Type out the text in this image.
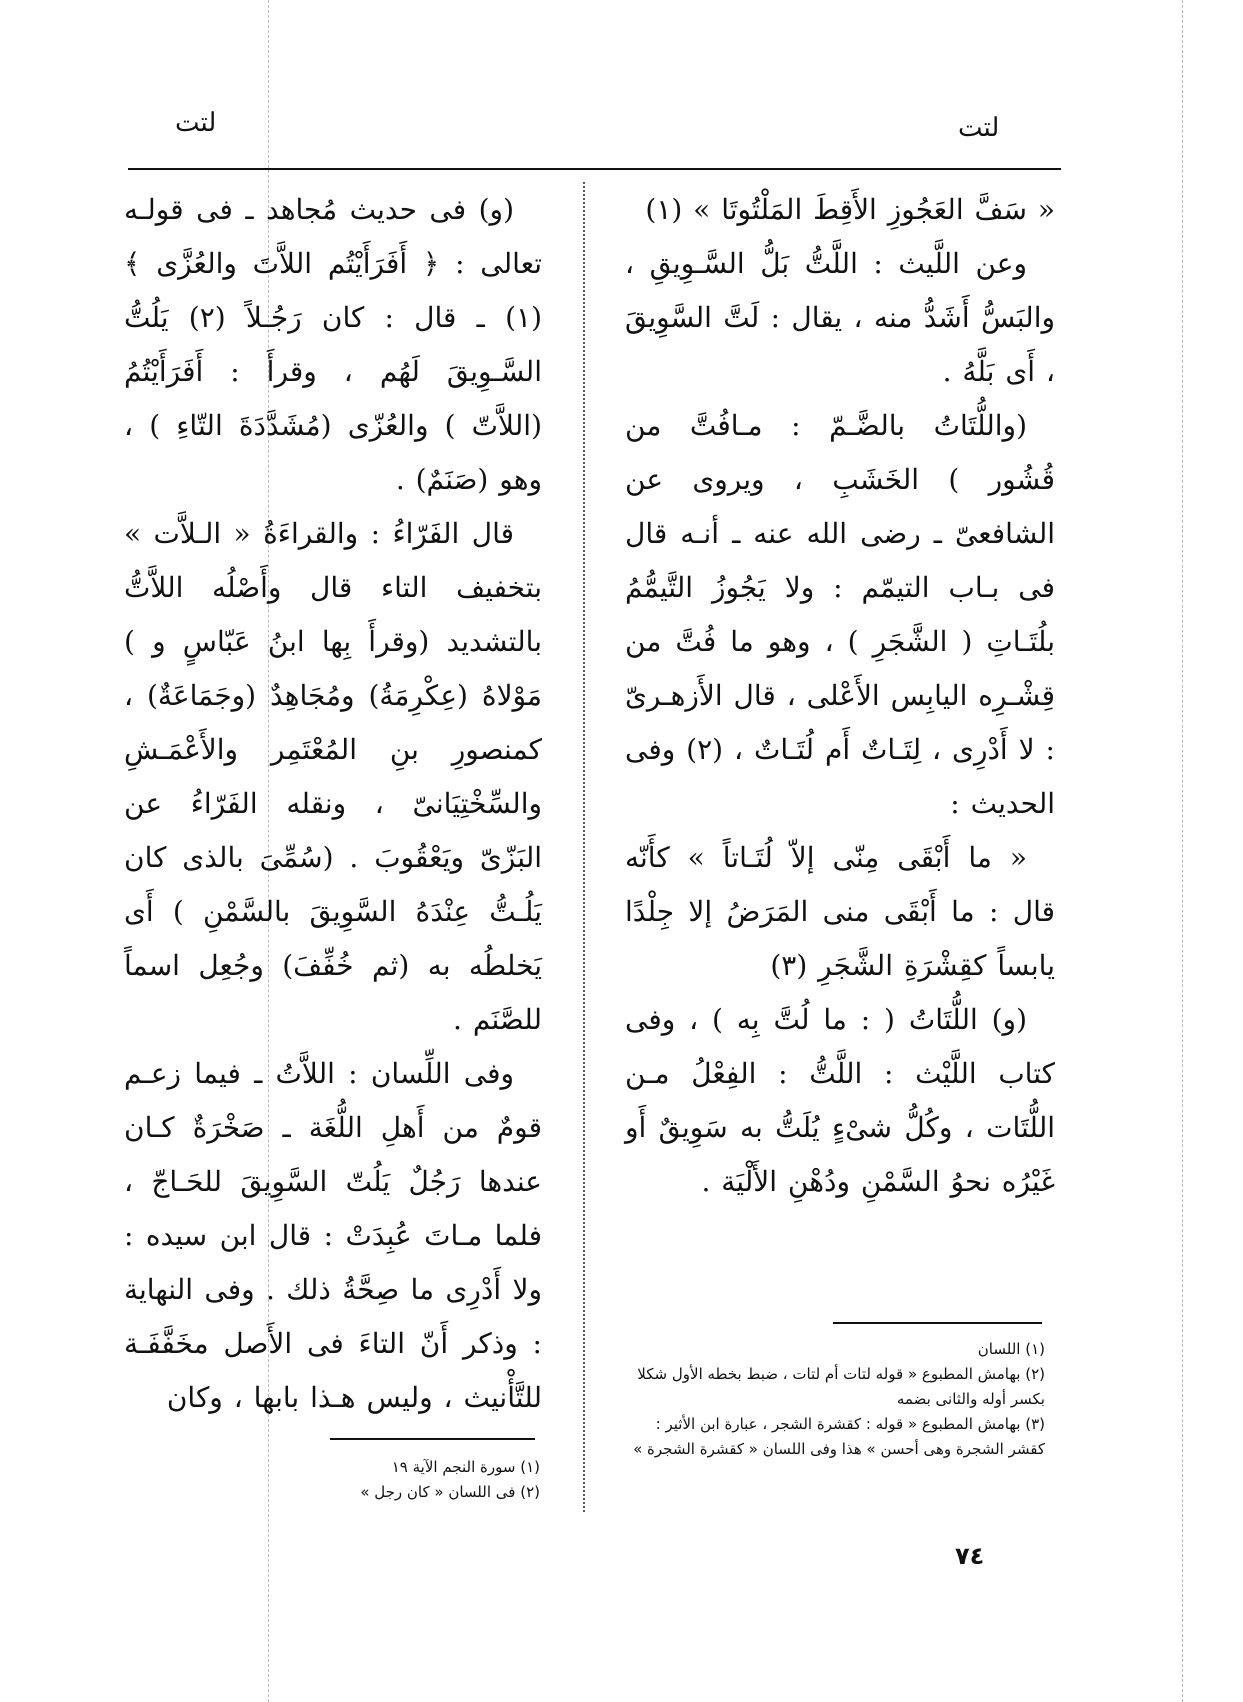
لتت	لتت

« سَفَّ العَجُوزِ الأَقِطَ المَلْتُوتَا » (١)

وعن اللَّيث : اللَّتُّ بَلُّ السَّـوِيقِ ، والبَسُّ أَشَدُّ منه ، يقال : لَتَّ السَّوِيقَ ، أَى بَلَّهُ .

(واللُّتَاتُ بالضَّـمّ : مـافُتَّ من قُشُور ) الخَشَبِ ، ويروى عن الشافعىّ ـ رضى الله عنه ـ أنـه قال فى بـاب التيمّم : ولا يَجُوزُ التَّيمُّمُ بلُتَـاتِ ( الشَّجَرِ ) ، وهو ما فُتَّ من قِشْـرِه اليابِس الأَعْلى ، قال الأَزهـرىّ : لا أَدْرِى ، لِتَـاتٌ أَم لُتَـاتٌ ، (٢) وفى الحديث :

« ما أَبْقَى مِنّى إلاّ لُتَـاتاً » كأَنّه قال : ما أَبْقَى منى المَرَضُ إلا جِلْدًا يابساً كقِشْرَةِ الشَّجَرِ (٣)

(و) اللُّتَاتُ ( : ما لُتَّ بِه ) ، وفى كتاب اللَّيْث : اللَّتُّ : الفِعْلُ مـن اللُّتَات ، وكُلُّ شىْءٍ يُلَتُّ به سَوِيقٌ أَو غَيْرُه نحوُ السَّمْنِ ودُهْنِ الأَلْيَة .

(١) اللسان
(٢) بهامش المطبوع « قوله لتات أم لتات ، ضبط بخطه الأول شكلا بكسر أوله والثانى بضمه
(٣) بهامش المطبوع « قوله : كقشرة الشجر ، عبارة ابن الأثير : كقشر الشجرة وهى أحسن » هذا وفى اللسان « كقشرة الشجرة »

(و) فى حديث مُجاهد ـ فى قولـه تعالى : ﴿ أَفَرَأَيْتُم اللاَّتَ والعُزَّى ﴾ (١) ـ قال : كان رَجُـلاً (٢) يَلُتُّ السَّـوِيقَ لَهُم ، وقرأَ : أَفَرَأَيْتُمُ (اللاَّتّ ) والعُزّى (مُشَدَّدَةَ التّاءِ ) ، وهو (صَنَمٌ) .

قال الفَرّاءُ : والقراءَةُ « الـلاَّت » بتخفيف التاء قال وأَصْلُه اللاَّتُّ بالتشديد (وقرأَ بِها ابنُ عَبّاسٍ و ) مَوْلاهُ (عِكْرِمَةُ) ومُجَاهِدٌ (وجَمَاعَةٌ) ، كمنصورِ بنِ المُعْتَمِر والأَعْمَـشِ والسِّخْتِيَانىّ ، ونقله الفَرّاءُ عن البَزّىّ ويَعْقُوبَ . (سُمِّىَ بالذى كان يَلُـتُّ عِنْدَهُ السَّوِيقَ بالسَّمْنِ ) أَى يَخلطُه به (ثم خُفِّفَ) وجُعِل اسماً للصَّنَم .

وفى اللِّسان : اللاَّتُ ـ فيما زعـم قومٌ من أَهلِ اللُّغَة ـ صَخْرَةٌ كـان عندها رَجُلٌ يَلُتّ السَّوِيقَ للحَـاجّ ، فلما مـاتَ عُبِدَتْ : قال ابن سيده : ولا أَدْرِى ما صِحَّةُ ذلك . وفى النهاية : وذكر أَنّ التاءَ فى الأَصل مخَفَّفَـة للتَّأْنيث ، وليس هـذا بابها ، وكان

(١) سورة النجم الآية ١٩
(٢) فى اللسان « كان رجل »
٧٤
